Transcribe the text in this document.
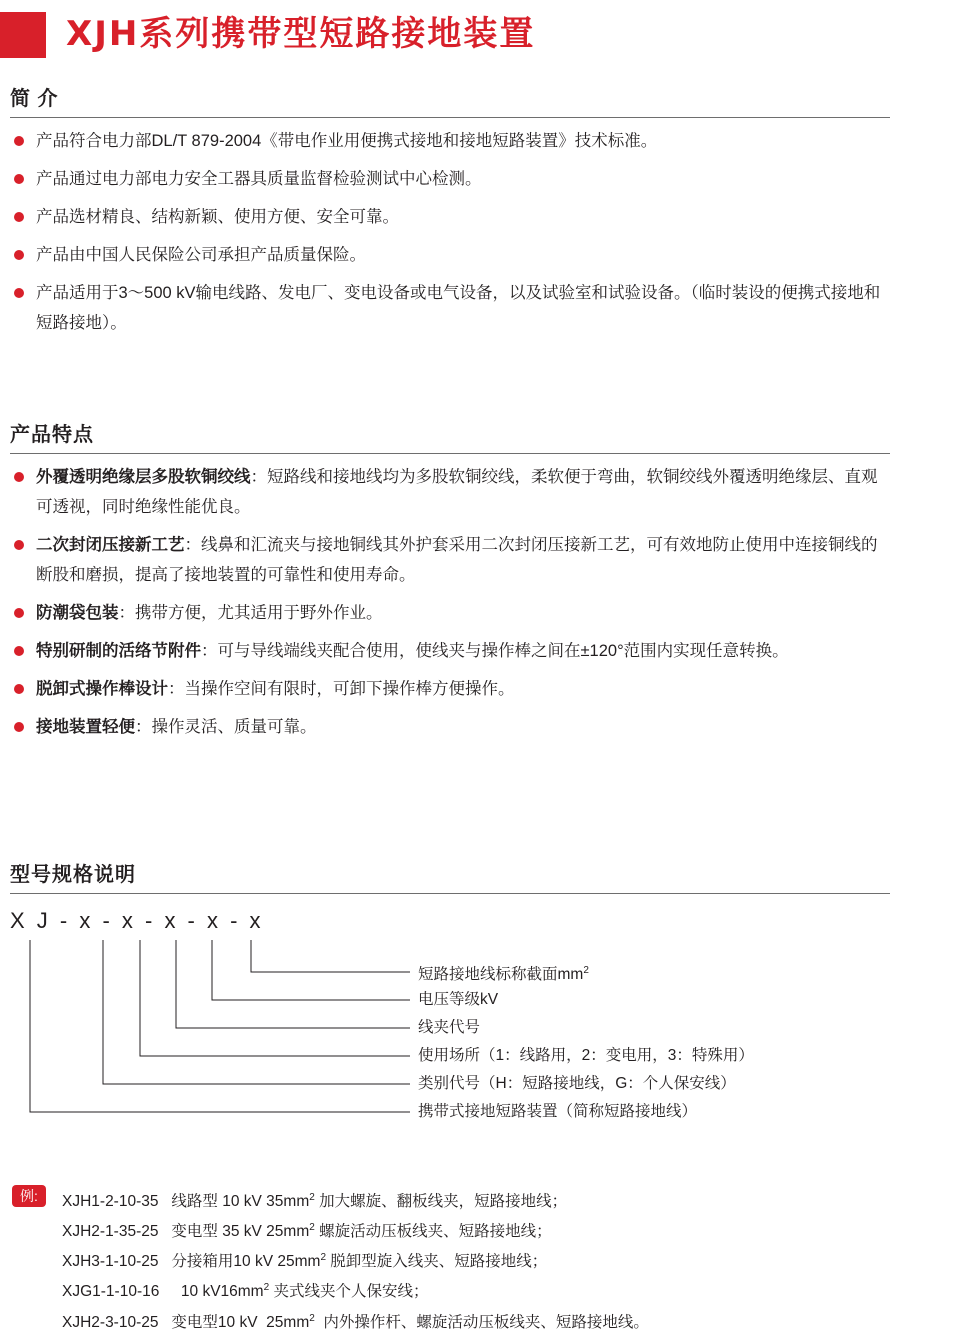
XJH系列携带型短路接地装置
简 介
产品符合电力部DL/T 879-2004《带电作业用便携式接地和接地短路装置》技术标准。
产品通过电力部电力安全工器具质量监督检验测试中心检测。
产品选材精良、结构新颖、使用方便、安全可靠。
产品由中国人民保险公司承担产品质量保险。
产品适用于3～500 kV输电线路、发电厂、变电设备或电气设备，以及试验室和试验设备。（临时装设的便携式接地和短路接地）。
产品特点
外覆透明绝缘层多股软铜绞线：短路线和接地线均为多股软铜绞线，柔软便于弯曲，软铜绞线外覆透明绝缘层、直观可透视，同时绝缘性能优良。
二次封闭压接新工艺：线鼻和汇流夹与接地铜线其外护套采用二次封闭压接新工艺，可有效地防止使用中连接铜线的断股和磨损，提高了接地装置的可靠性和使用寿命。
防潮袋包装：携带方便，尤其适用于野外作业。
特别研制的活络节附件：可与导线端线夹配合使用，使线夹与操作棒之间在±120°范围内实现任意转换。
脱卸式操作棒设计：当操作空间有限时，可卸下操作棒方便操作。
接地装置轻便：操作灵活、质量可靠。
型号规格说明
X J - x - x - x - x - x
短路接地线标称截面$mm^2$
电压等级kV
线夹代号
使用场所（1：线路用，2：变电用，3：特殊用）
类别代号（H：短路接地线，G：个人保安线）
携带式接地短路装置（简称短路接地线）
例:	XJH1-2-10-35 线路型 10 kV $35mm^2$ 加大螺旋、翻板线夹，短路接地线；
XJH2-1-35-25 变电型 35 kV $25mm^2$ 螺旋活动压板线夹、短路接地线；
XJH3-1-10-25 分接箱用10 kV $25mm^2$ 脱卸型旋入线夹、短路接地线；
XJG1-1-10-16     10 $kV16mm^2$ 夹式线夹个人保安线；
XJH2-3-10-25 变电型10 kV  $25mm^2$  内外操作杆、螺旋活动压板线夹、短路接地线。
